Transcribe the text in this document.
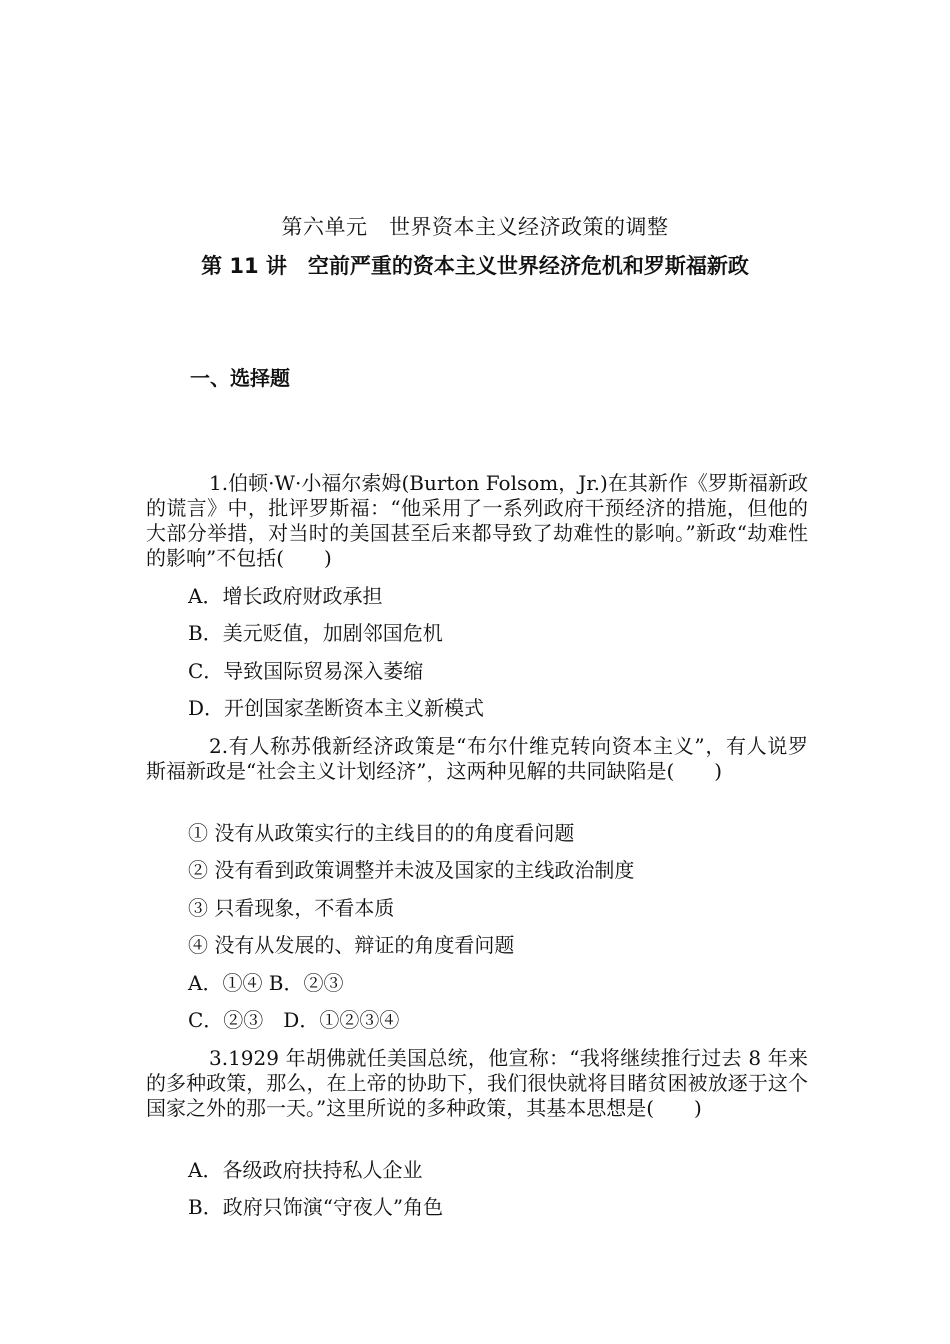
第六单元　世界资本主义经济政策的调整
第 11 讲　空前严重的资本主义世界经济危机和罗斯福新政
一、选择题
1.伯顿·W·小福尔索姆(Burton Folsom，Jr.)在其新作《罗斯福新政的谎言》中，批评罗斯福：“他采用了一系列政府干预经济的措施，但他的大部分举措，对当时的美国甚至后来都导致了劫难性的影响。”新政“劫难性的影响”不包括(　　)
A．增长政府财政承担
B．美元贬值，加剧邻国危机
C．导致国际贸易深入萎缩
D．开创国家垄断资本主义新模式
2.有人称苏俄新经济政策是“布尔什维克转向资本主义”，有人说罗斯福新政是“社会主义计划经济”，这两种见解的共同缺陷是(　　)
① 没有从政策实行的主线目的的角度看问题
② 没有看到政策调整并未波及国家的主线政治制度
③ 只看现象，不看本质
④ 没有从发展的、辩证的角度看问题
A．①④ B．②③
C．②③　D．①②③④
3.1929 年胡佛就任美国总统，他宣称：“我将继续推行过去 8 年来的多种政策，那么，在上帝的协助下，我们很快就将目睹贫困被放逐于这个国家之外的那一天。”这里所说的多种政策，其基本思想是(　　)
A．各级政府扶持私人企业
B．政府只饰演“守夜人”角色
